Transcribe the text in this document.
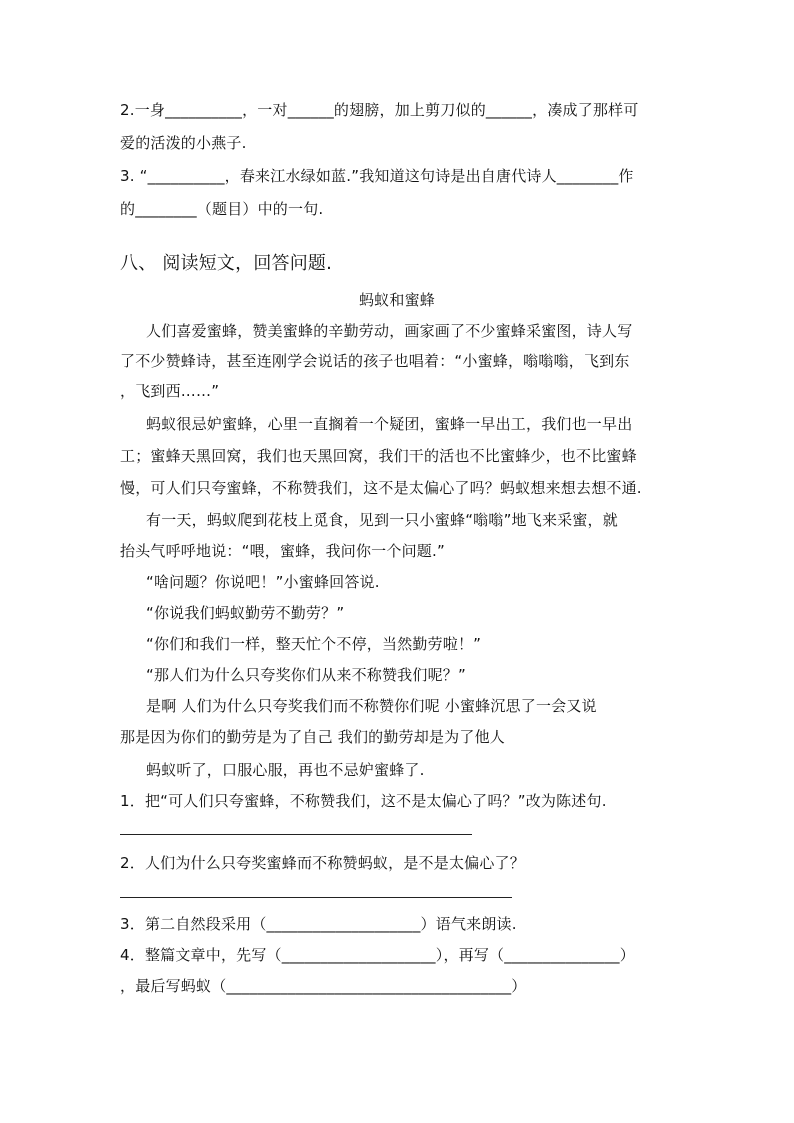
2.一身__________，一对______的翅膀，加上剪刀似的______，凑成了那样可
爱的活泼的小燕子.
3. “__________，春来江水绿如蓝.”我知道这句诗是出自唐代诗人________作
的________（题目）中的一句.
八、 阅读短文，回答问题.
蚂蚁和蜜蜂
人们喜爱蜜蜂，赞美蜜蜂的辛勤劳动，画家画了不少蜜蜂采蜜图，诗人写
了不少赞蜂诗，甚至连刚学会说话的孩子也唱着：“小蜜蜂，嗡嗡嗡，飞到东
，飞到西……”
蚂蚁很忌妒蜜蜂，心里一直搁着一个疑团，蜜蜂一早出工，我们也一早出
工；蜜蜂天黑回窝，我们也天黑回窝，我们干的活也不比蜜蜂少，也不比蜜蜂
慢，可人们只夸蜜蜂，不称赞我们，这不是太偏心了吗？蚂蚁想来想去想不通.
有一天，蚂蚁爬到花枝上觅食，见到一只小蜜蜂“嗡嗡”地飞来采蜜，就
抬头气呼呼地说：“喂，蜜蜂，我问你一个问题.”
“啥问题？你说吧！”小蜜蜂回答说.
“你说我们蚂蚁勤劳不勤劳？”
“你们和我们一样，整天忙个不停，当然勤劳啦！”
“那人们为什么只夸奖你们从来不称赞我们呢？”
是啊 人们为什么只夸奖我们而不称赞你们呢 小蜜蜂沉思了一会又说
那是因为你们的勤劳是为了自己 我们的勤劳却是为了他人
蚂蚁听了，口服心服，再也不忌妒蜜蜂了.
1．把“可人们只夸蜜蜂，不称赞我们，这不是太偏心了吗？”改为陈述句.
2．人们为什么只夸奖蜜蜂而不称赞蚂蚁，是不是太偏心了？
3．第二自然段采用（____________________）语气来朗读.
4．整篇文章中，先写（____________________），再写（_______________）
，最后写蚂蚁（_____________________________________）
